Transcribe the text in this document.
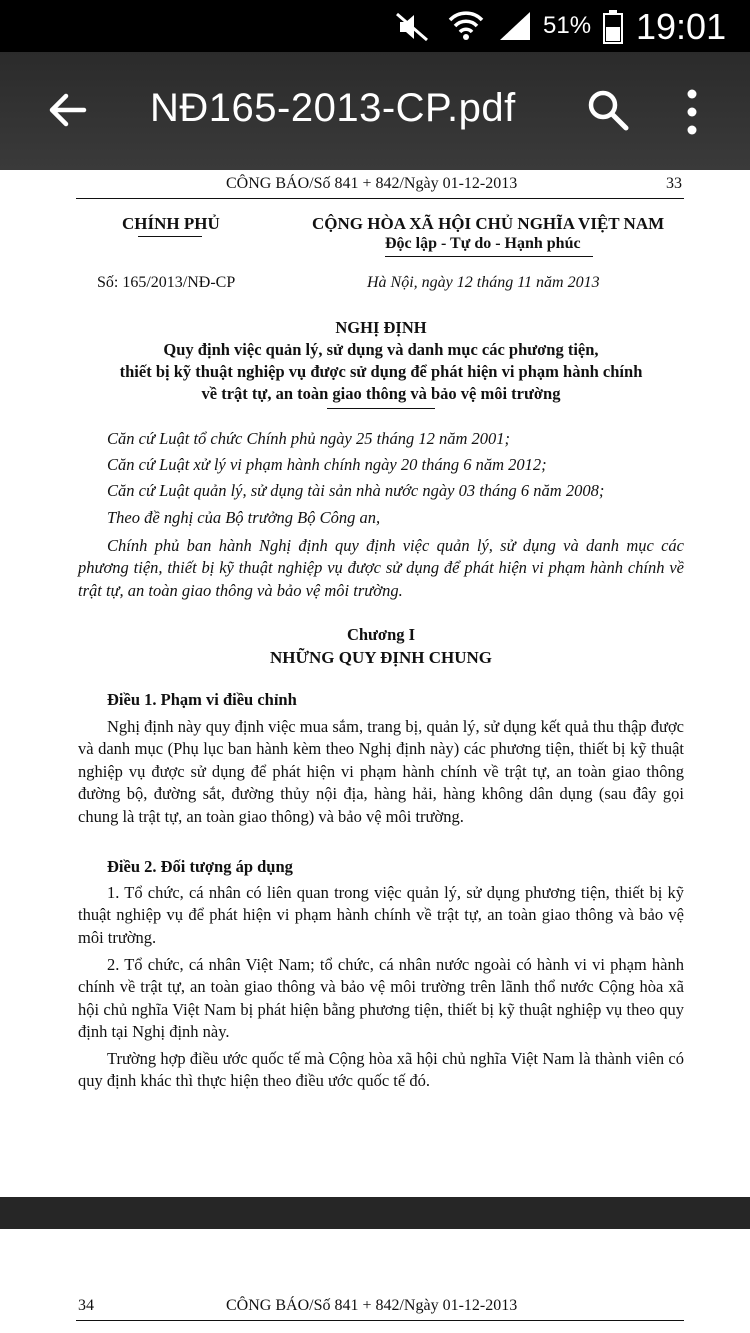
51% 19:01
NĐ165-2013-CP.pdf
CÔNG BÁO/Số 841 + 842/Ngày 01-12-2013	33
CHÍNH PHỦ	CỘNG HÒA XÃ HỘI CHỦ NGHĨA VIỆT NAM
Độc lập - Tự do - Hạnh phúc
Số: 165/2013/NĐ-CP	Hà Nội, ngày 12 tháng 11 năm 2013
NGHỊ ĐỊNH
Quy định việc quản lý, sử dụng và danh mục các phương tiện,
thiết bị kỹ thuật nghiệp vụ được sử dụng để phát hiện vi phạm hành chính
về trật tự, an toàn giao thông và bảo vệ môi trường
Căn cứ Luật tổ chức Chính phủ ngày 25 tháng 12 năm 2001;
Căn cứ Luật xử lý vi phạm hành chính ngày 20 tháng 6 năm 2012;
Căn cứ Luật quản lý, sử dụng tài sản nhà nước ngày 03 tháng 6 năm 2008;
Theo đề nghị của Bộ trưởng Bộ Công an,
Chính phủ ban hành Nghị định quy định việc quản lý, sử dụng và danh mục các phương tiện, thiết bị kỹ thuật nghiệp vụ được sử dụng để phát hiện vi phạm hành chính về trật tự, an toàn giao thông và bảo vệ môi trường.
Chương I
NHỮNG QUY ĐỊNH CHUNG
Điều 1. Phạm vi điều chỉnh
Nghị định này quy định việc mua sắm, trang bị, quản lý, sử dụng kết quả thu thập được và danh mục (Phụ lục ban hành kèm theo Nghị định này) các phương tiện, thiết bị kỹ thuật nghiệp vụ được sử dụng để phát hiện vi phạm hành chính về trật tự, an toàn giao thông đường bộ, đường sắt, đường thủy nội địa, hàng hải, hàng không dân dụng (sau đây gọi chung là trật tự, an toàn giao thông) và bảo vệ môi trường.
Điều 2. Đối tượng áp dụng
1. Tổ chức, cá nhân có liên quan trong việc quản lý, sử dụng phương tiện, thiết bị kỹ thuật nghiệp vụ để phát hiện vi phạm hành chính về trật tự, an toàn giao thông và bảo vệ môi trường.
2. Tổ chức, cá nhân Việt Nam; tổ chức, cá nhân nước ngoài có hành vi vi phạm hành chính về trật tự, an toàn giao thông và bảo vệ môi trường trên lãnh thổ nước Cộng hòa xã hội chủ nghĩa Việt Nam bị phát hiện bằng phương tiện, thiết bị kỹ thuật nghiệp vụ theo quy định tại Nghị định này.
Trường hợp điều ước quốc tế mà Cộng hòa xã hội chủ nghĩa Việt Nam là thành viên có quy định khác thì thực hiện theo điều ước quốc tế đó.
34	CÔNG BÁO/Số 841 + 842/Ngày 01-12-2013
